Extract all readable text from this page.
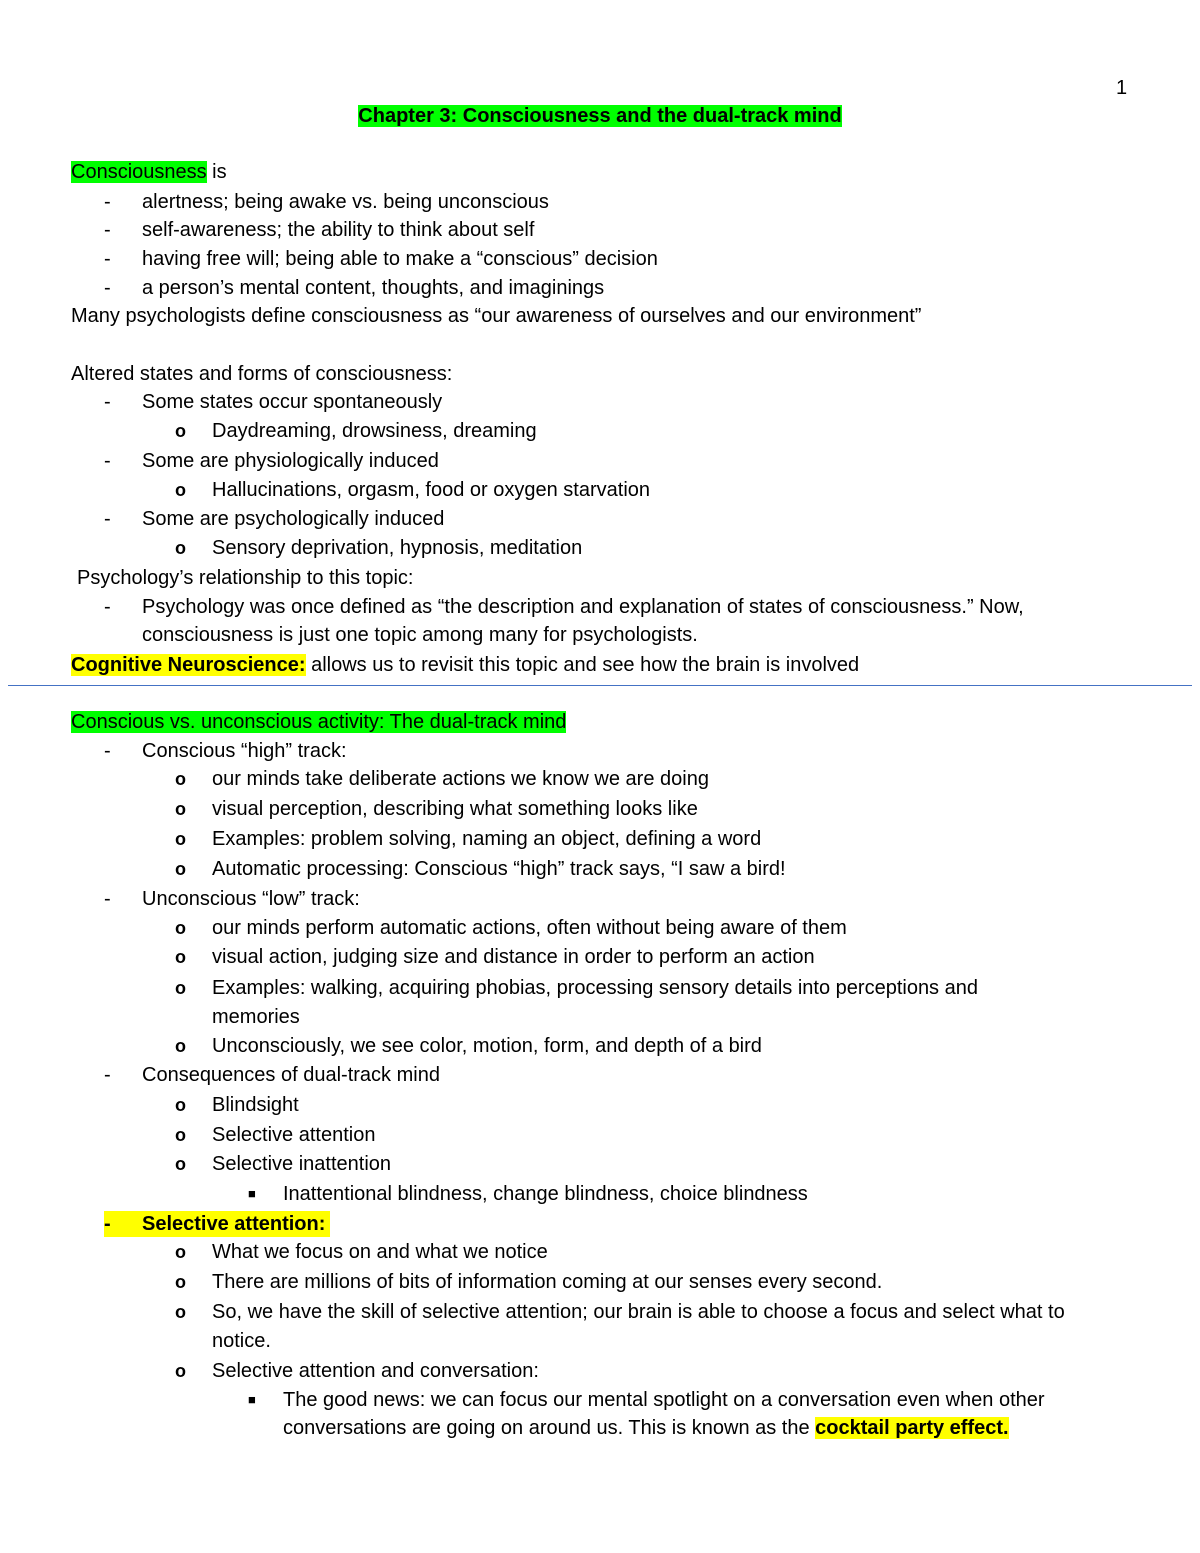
1
Chapter 3: Consciousness and the dual-track mind
Consciousness is
- alertness; being awake vs. being unconscious
- self-awareness; the ability to think about self
- having free will; being able to make a “conscious” decision
- a person’s mental content, thoughts, and imaginings
Many psychologists define consciousness as “our awareness of ourselves and our environment”
Altered states and forms of consciousness:
- Some states occur spontaneously
o Daydreaming, drowsiness, dreaming
- Some are physiologically induced
o Hallucinations, orgasm, food or oxygen starvation
- Some are psychologically induced
o Sensory deprivation, hypnosis, meditation
Psychology’s relationship to this topic:
- Psychology was once defined as “the description and explanation of states of consciousness.” Now,
consciousness is just one topic among many for psychologists.
Cognitive Neuroscience: allows us to revisit this topic and see how the brain is involved
Conscious vs. unconscious activity: The dual-track mind
- Conscious “high” track:
o our minds take deliberate actions we know we are doing
o visual perception, describing what something looks like
o Examples: problem solving, naming an object, defining a word
o Automatic processing: Conscious “high” track says, “I saw a bird!
- Unconscious “low” track:
o our minds perform automatic actions, often without being aware of them
o visual action, judging size and distance in order to perform an action
o Examples: walking, acquiring phobias, processing sensory details into perceptions and
memories
o Unconsciously, we see color, motion, form, and depth of a bird
- Consequences of dual-track mind
o Blindsight
o Selective attention
o Selective inattention
■ Inattentional blindness, change blindness, choice blindness
- Selective attention:
o What we focus on and what we notice
o There are millions of bits of information coming at our senses every second.
o So, we have the skill of selective attention; our brain is able to choose a focus and select what to
notice.
o Selective attention and conversation:
■ The good news: we can focus our mental spotlight on a conversation even when other
conversations are going on around us. This is known as the cocktail party effect.
